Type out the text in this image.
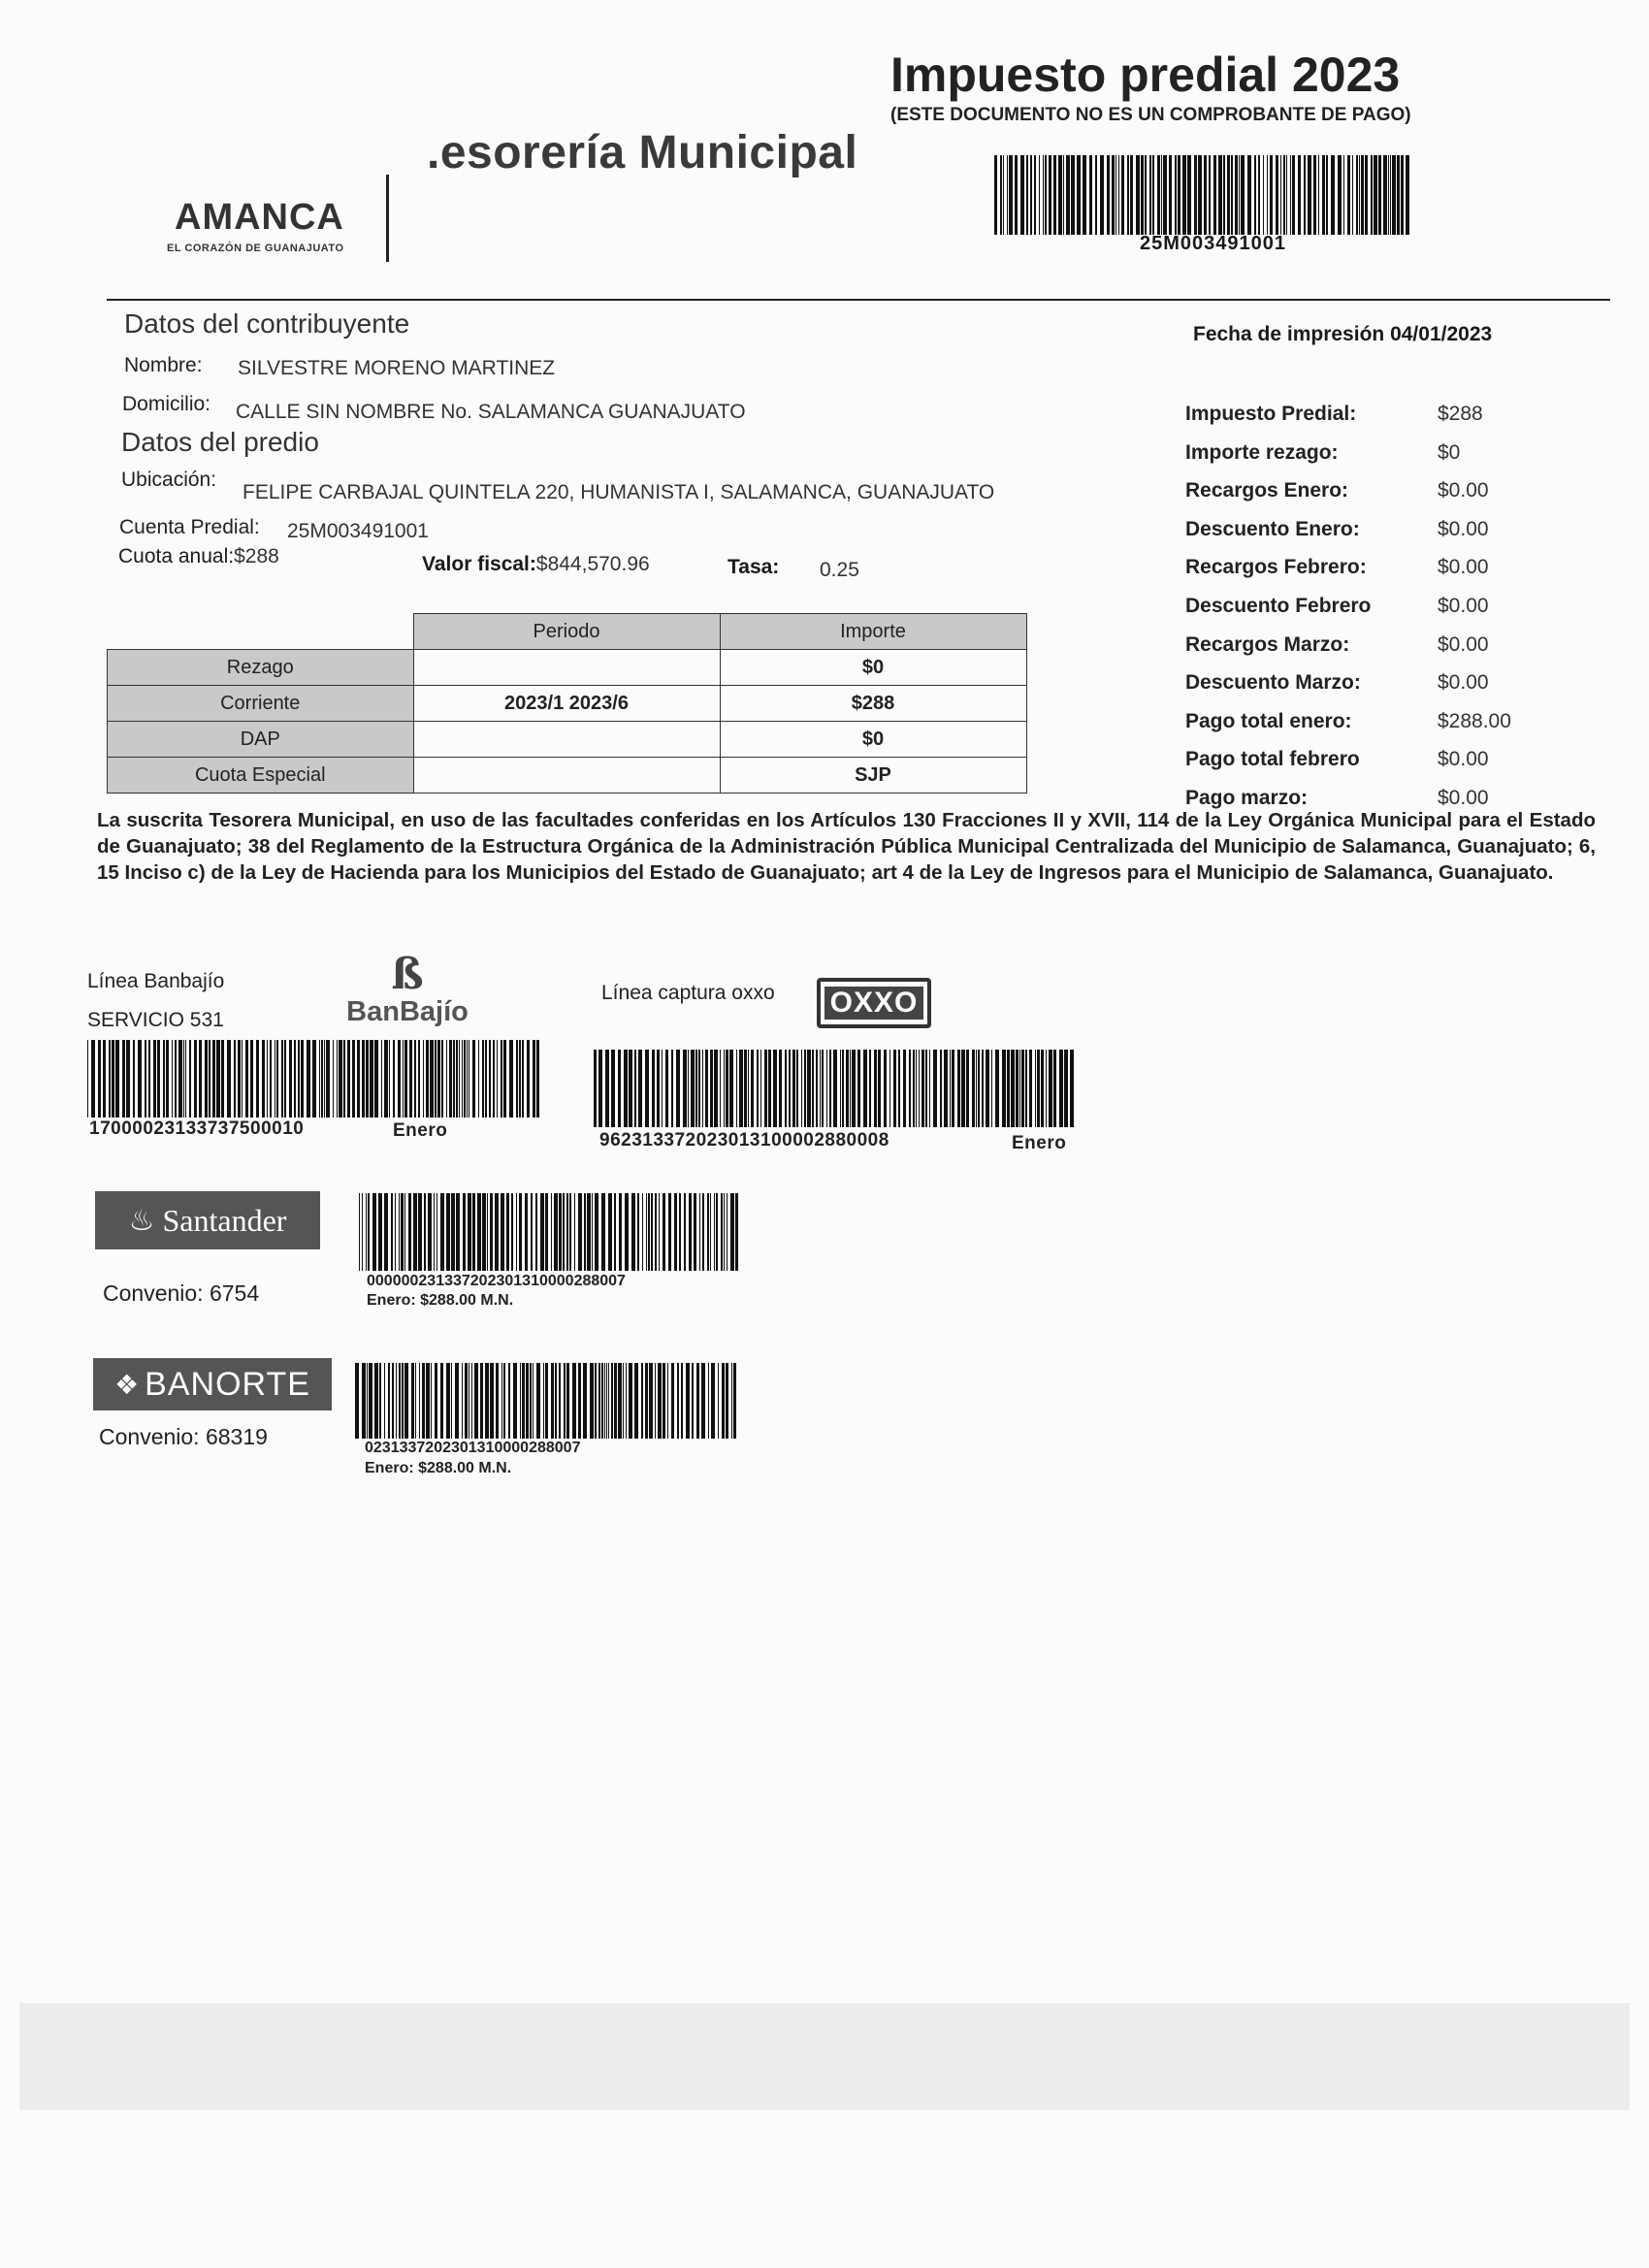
AMANCA
EL CORAZÓN DE GUANAJUATO
.esorería Municipal
Impuesto predial 2023
(ESTE DOCUMENTO NO ES UN COMPROBANTE DE PAGO)
25M003491001
Datos del contribuyente
Nombre: SILVESTRE MORENO MARTINEZ
Domicilio: CALLE SIN NOMBRE No. SALAMANCA GUANAJUATO
Fecha de impresión 04/01/2023
Datos del predio
Ubicación:
FELIPE CARBAJAL QUINTELA 220, HUMANISTA I, SALAMANCA, GUANAJUATO
Cuenta Predial: 25M003491001
Cuota anual:$288	Valor fiscal:$844,570.96	Tasa: 0.25
	Periodo	Importe
Rezago		$0
Corriente	2023/1 2023/6	$288
DAP		$0
Cuota Especial		SJP
Impuesto Predial:	$288
Importe rezago:	$0
Recargos Enero:	$0.00
Descuento Enero:	$0.00
Recargos Febrero:	$0.00
Descuento Febrero	$0.00
Recargos Marzo:	$0.00
Descuento Marzo:	$0.00
Pago total enero:	$288.00
Pago total febrero	$0.00
Pago marzo:	$0.00
La suscrita Tesorera Municipal, en uso de las facultades conferidas en los Artículos 130 Fracciones II y XVII, 114 de la Ley Orgánica Municipal para el Estado de Guanajuato; 38 del Reglamento de la Estructura Orgánica de la Administración Pública Municipal Centralizada del Municipio de Salamanca, Guanajuato; 6, 15 Inciso c) de la Ley de Hacienda para los Municipios del Estado de Guanajuato; art 4 de la Ley de Ingresos para el Municipio de Salamanca, Guanajuato.
Línea Banbajío
SERVICIO 531
ß
BanBajío
17000023133737500010	Enero
Línea captura oxxo OXXO
962313372023013100002880008	Enero
♨ Santander
000000231337202301310000288007
Enero: $288.00 M.N.
Convenio: 6754
❖ BANORTE
0231337202301310000288007
Enero: $288.00 M.N.
Convenio: 68319
